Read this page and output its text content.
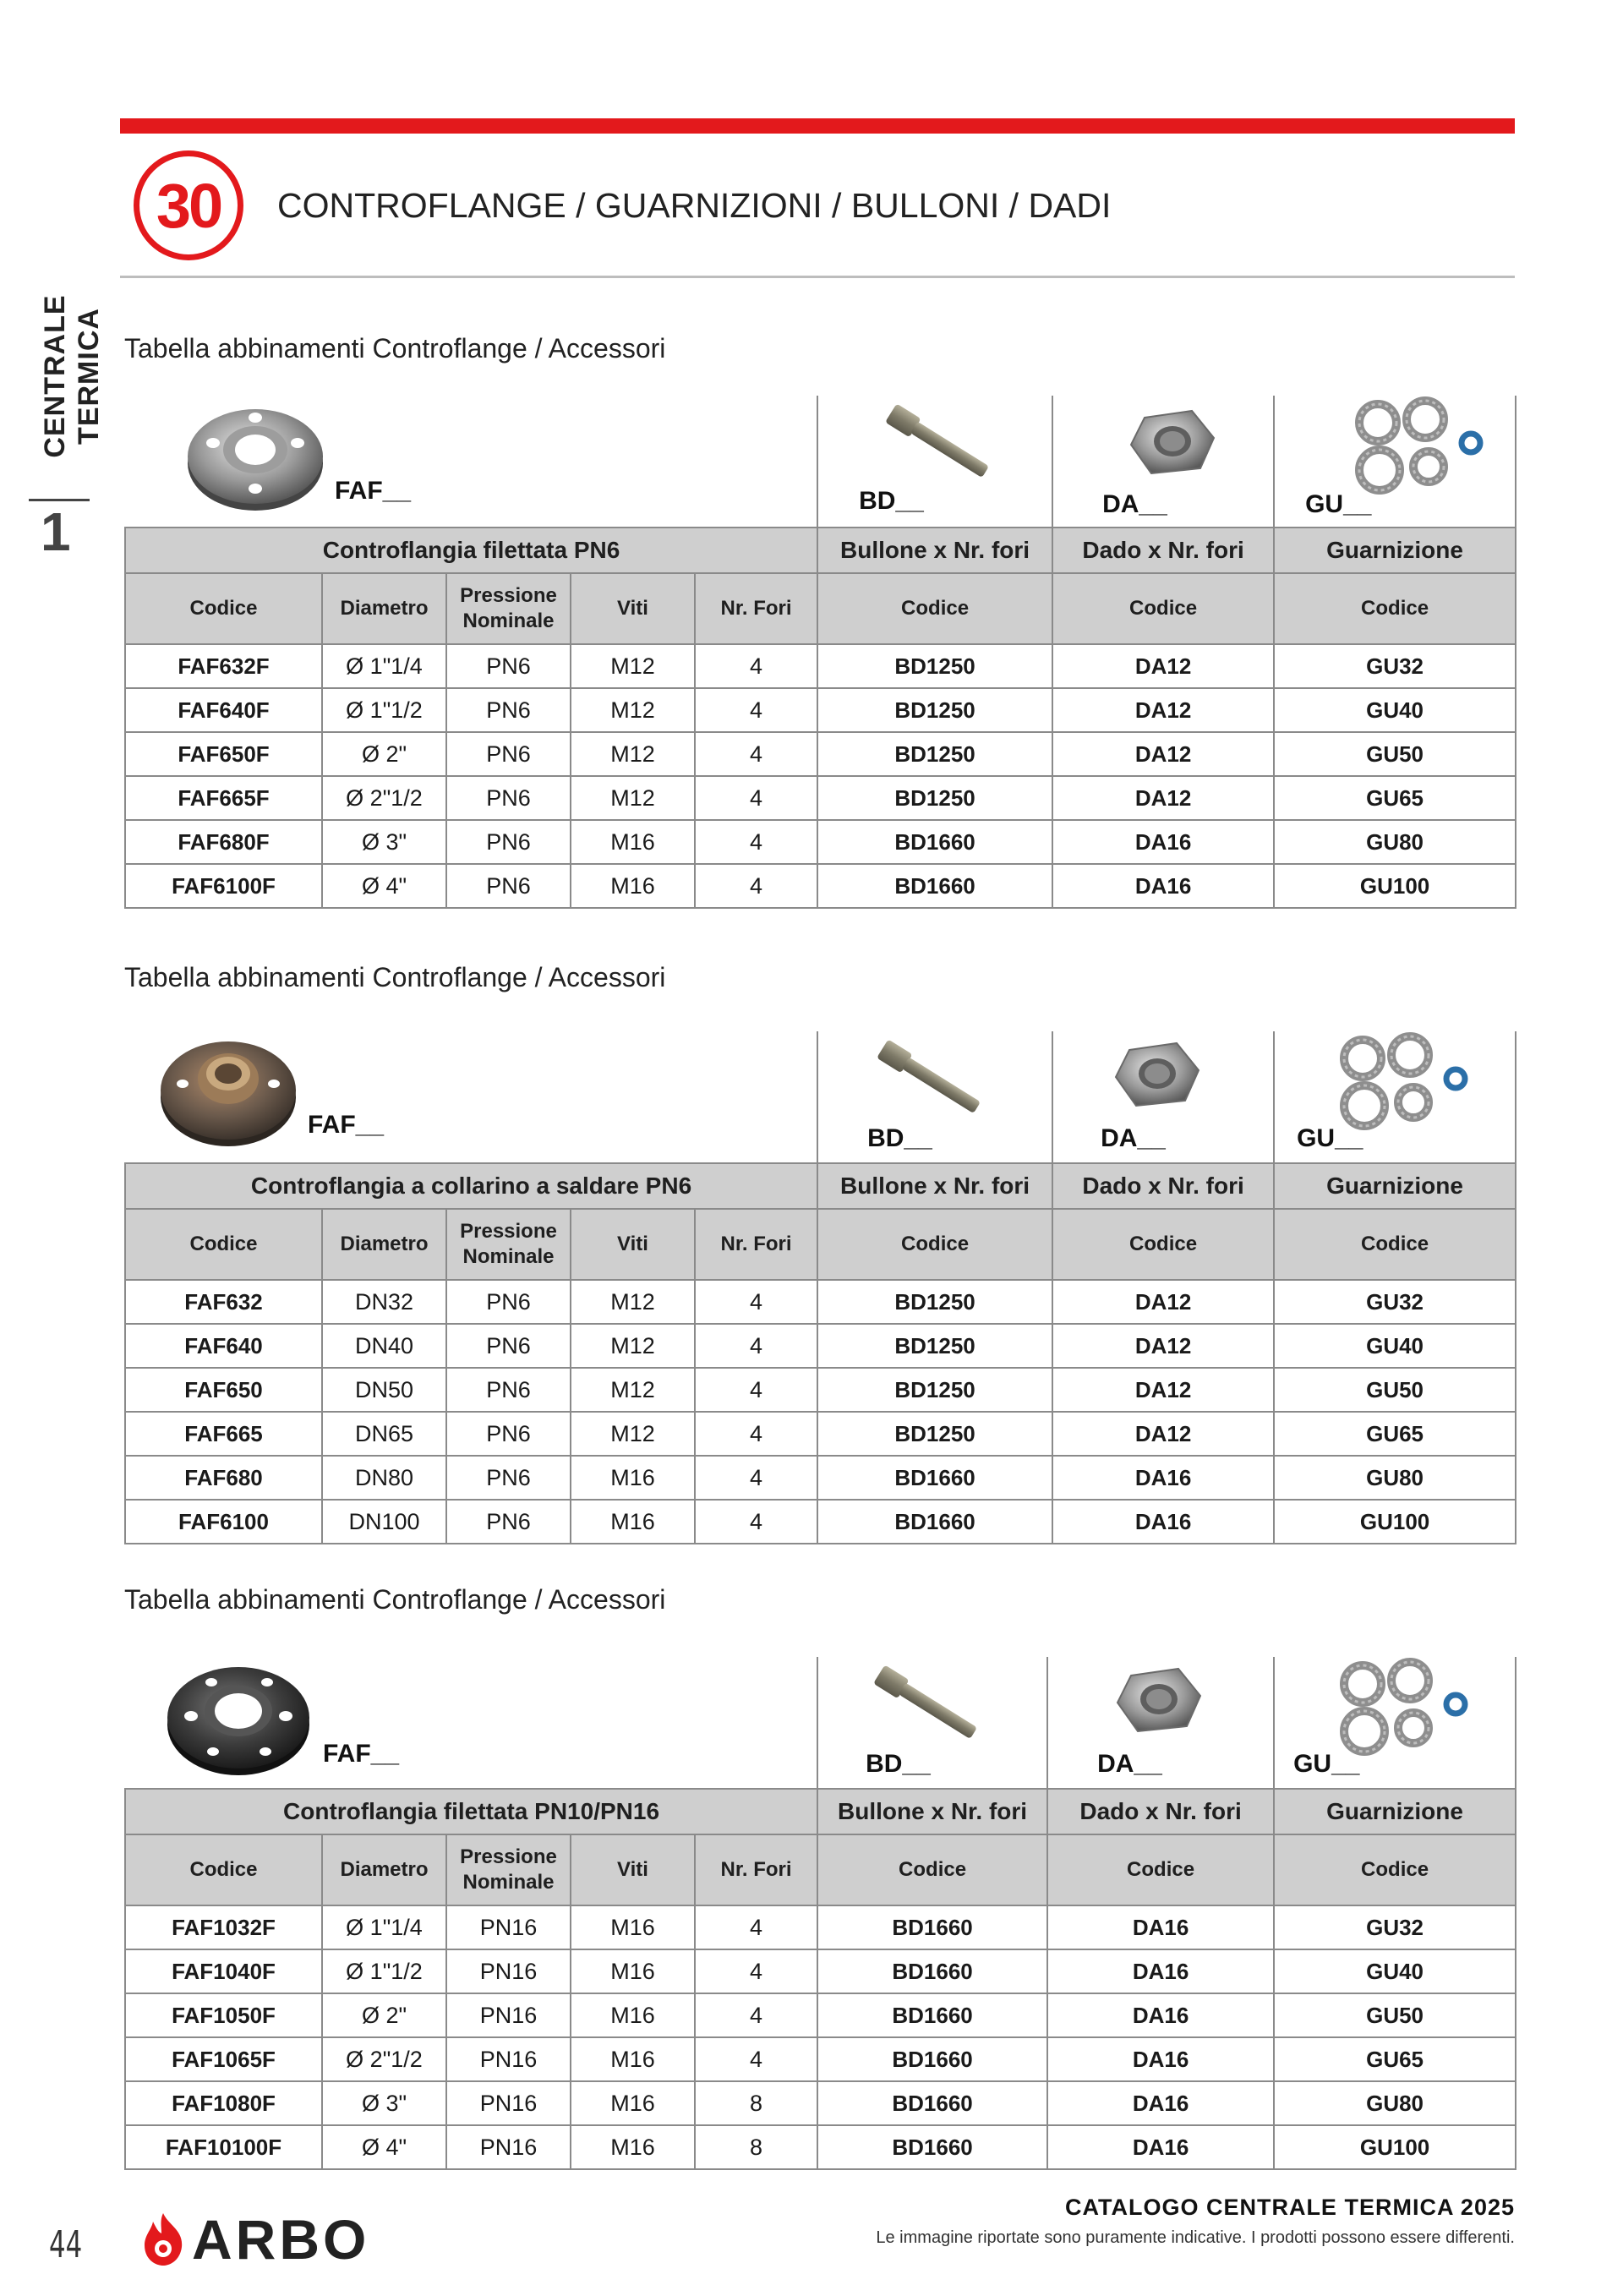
CENTRALE TERMICA
1
30 CONTROFLANGE / GUARNIZIONI / BULLONI / DADI
Tabella abbinamenti Controflange / Accessori
FAF__					BD__	DA__	GU__

Controflangia filettata PN6					Bullone x Nr. fori	Dado x Nr. fori	Guarnizione
Codice	Diametro	Pressione Nominale	Viti	Nr. Fori	Codice	Codice	Codice
FAF632F	Ø 1"1/4	PN6	M12	4	BD1250	DA12	GU32
FAF640F	Ø 1"1/2	PN6	M12	4	BD1250	DA12	GU40
FAF650F	Ø 2"	PN6	M12	4	BD1250	DA12	GU50
FAF665F	Ø 2"1/2	PN6	M12	4	BD1250	DA12	GU65
FAF680F	Ø 3"	PN6	M16	4	BD1660	DA16	GU80
FAF6100F	Ø 4"	PN6	M16	4	BD1660	DA16	GU100
Tabella abbinamenti Controflange / Accessori
FAF__					BD__	DA__	GU__

Controflangia a collarino a saldare PN6					Bullone x Nr. fori	Dado x Nr. fori	Guarnizione
Codice	Diametro	Pressione Nominale	Viti	Nr. Fori	Codice	Codice	Codice
FAF632	DN32	PN6	M12	4	BD1250	DA12	GU32
FAF640	DN40	PN6	M12	4	BD1250	DA12	GU40
FAF650	DN50	PN6	M12	4	BD1250	DA12	GU50
FAF665	DN65	PN6	M12	4	BD1250	DA12	GU65
FAF680	DN80	PN6	M16	4	BD1660	DA16	GU80
FAF6100	DN100	PN6	M16	4	BD1660	DA16	GU100
Tabella abbinamenti Controflange / Accessori
FAF__					BD__	DA__	GU__

Controflangia filettata PN10/PN16					Bullone x Nr. fori	Dado x Nr. fori	Guarnizione
Codice	Diametro	Pressione Nominale	Viti	Nr. Fori	Codice	Codice	Codice
FAF1032F	Ø 1"1/4	PN16	M16	4	BD1660	DA16	GU32
FAF1040F	Ø 1"1/2	PN16	M16	4	BD1660	DA16	GU40
FAF1050F	Ø 2"	PN16	M16	4	BD1660	DA16	GU50
FAF1065F	Ø 2"1/2	PN16	M16	4	BD1660	DA16	GU65
FAF1080F	Ø 3"	PN16	M16	8	BD1660	DA16	GU80
FAF10100F	Ø 4"	PN16	M16	8	BD1660	DA16	GU100
44 ARBO
CATALOGO CENTRALE TERMICA 2025
Le immagine riportate sono puramente indicative. I prodotti possono essere differenti.
